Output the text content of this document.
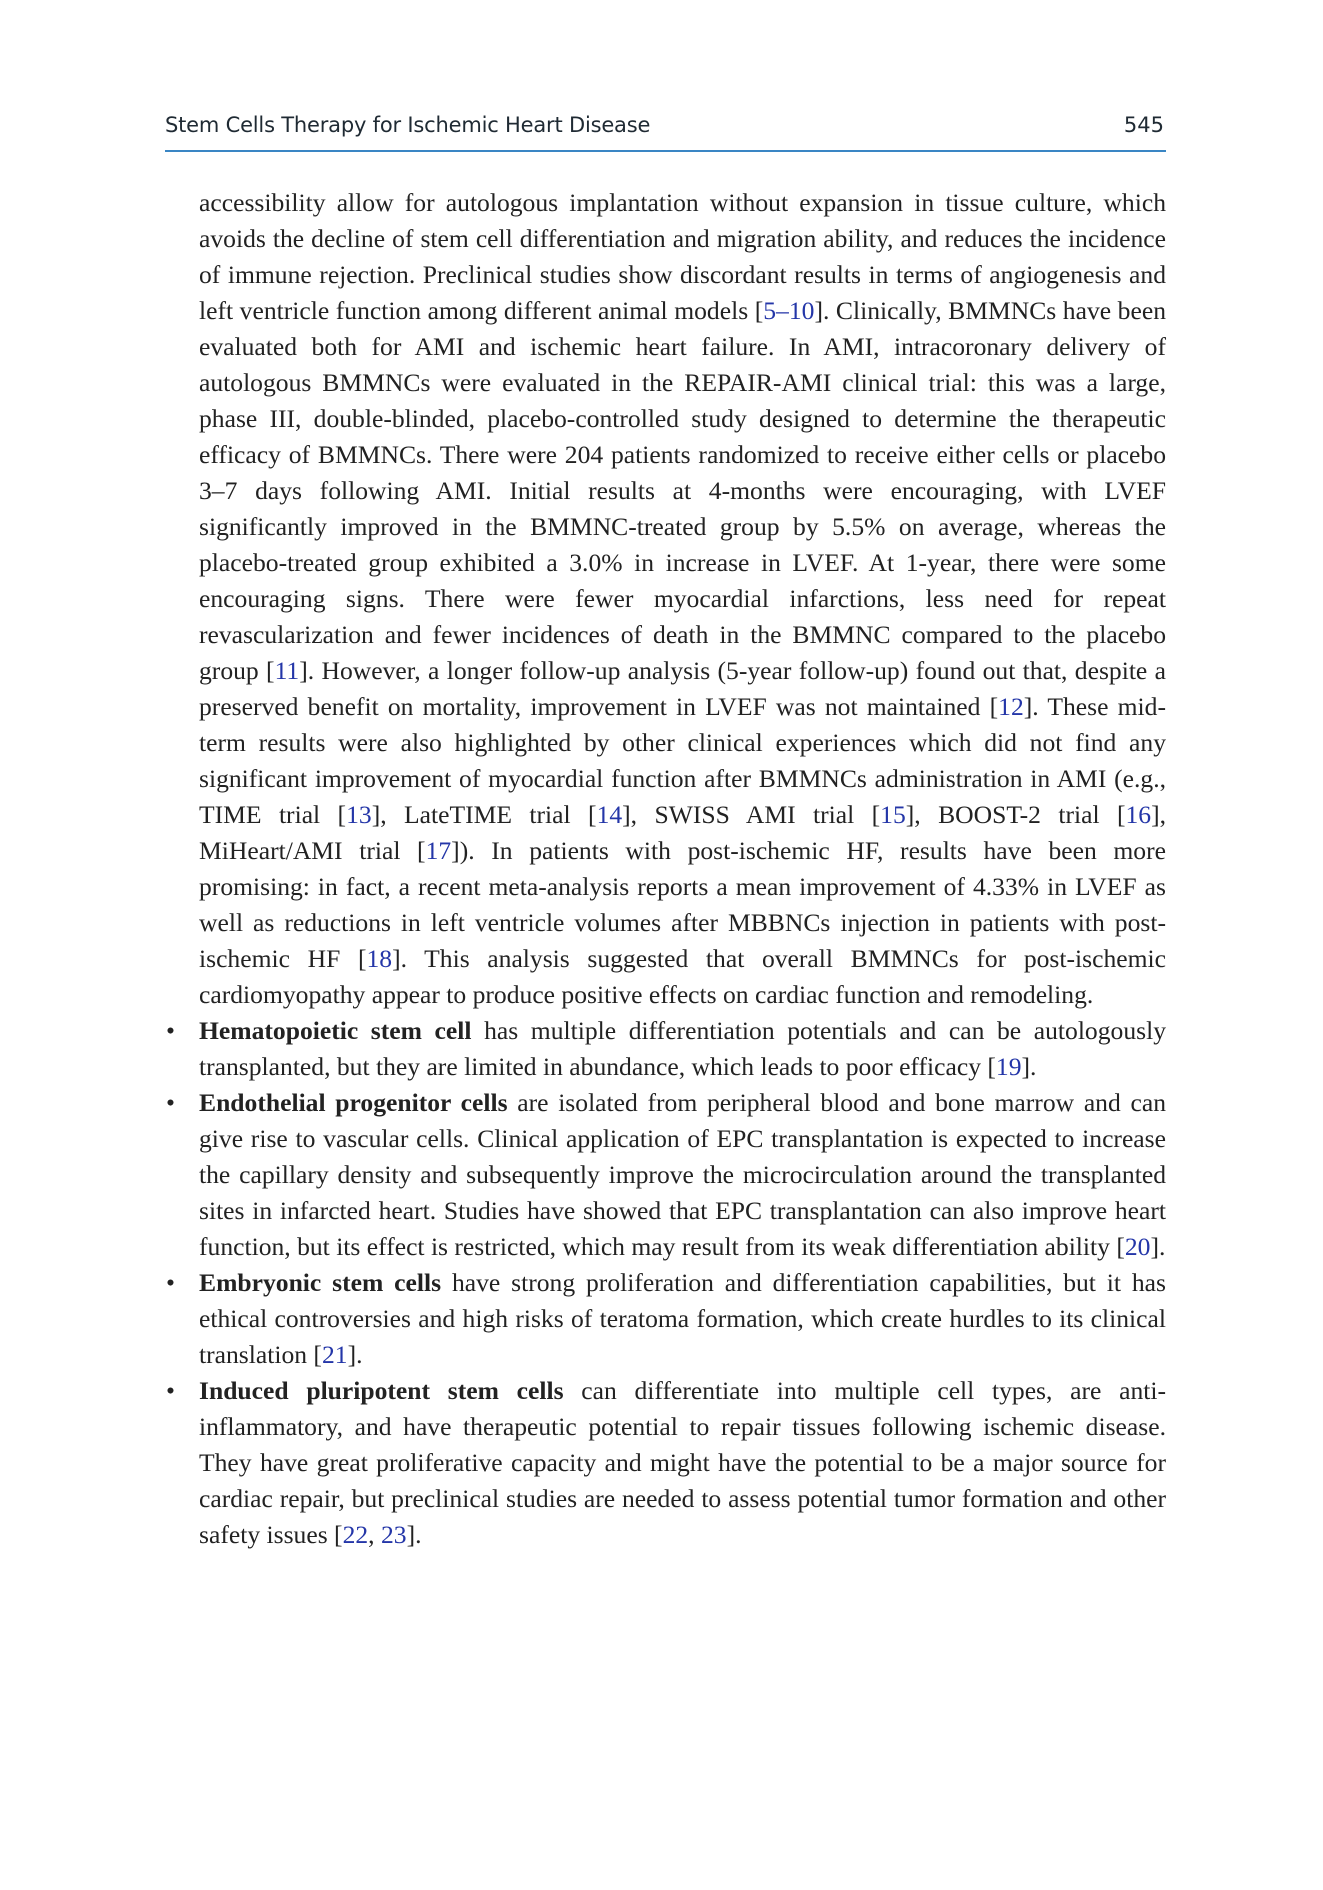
Stem Cells Therapy for Ischemic Heart Disease	545

accessibility allow for autologous implantation without expansion in tissue culture, which avoids the decline of stem cell differentiation and migration ability, and reduces the incidence of immune rejection. Preclinical studies show discordant results in terms of angiogenesis and left ventricle function among different animal models [5–10]. Clinically, BMMNCs have been evaluated both for AMI and ischemic heart failure. In AMI, intracoronary delivery of autologous BMMNCs were evaluated in the REPAIR-AMI clinical trial: this was a large, phase III, double-blinded, placebo-controlled study designed to determine the therapeutic efficacy of BMMNCs. There were 204 patients randomized to receive either cells or placebo 3–7 days following AMI. Initial results at 4-months were encouraging, with LVEF significantly improved in the BMMNC-treated group by 5.5% on average, whereas the placebo-treated group exhibited a 3.0% in increase in LVEF. At 1-year, there were some encouraging signs. There were fewer myocardial infarctions, less need for repeat revascularization and fewer incidences of death in the BMMNC compared to the placebo group [11]. However, a longer follow-up analysis (5-year follow-up) found out that, despite a preserved benefit on mortality, improvement in LVEF was not maintained [12]. These mid-term results were also highlighted by other clinical experiences which did not find any significant improvement of myocardial function after BMMNCs administration in AMI (e.g., TIME trial [13], LateTIME trial [14], SWISS AMI trial [15], BOOST-2 trial [16], MiHeart/AMI trial [17]). In patients with post-ischemic HF, results have been more promising: in fact, a recent meta-analysis reports a mean improvement of 4.33% in LVEF as well as reductions in left ventricle volumes after MBBNCs injection in patients with post-ischemic HF [18]. This analysis suggested that overall BMMNCs for post-ischemic cardiomyopathy appear to produce positive effects on cardiac function and remodeling.

• Hematopoietic stem cell has multiple differentiation potentials and can be autologously transplanted, but they are limited in abundance, which leads to poor efficacy [19].
• Endothelial progenitor cells are isolated from peripheral blood and bone marrow and can give rise to vascular cells. Clinical application of EPC transplantation is expected to increase the capillary density and subsequently improve the microcirculation around the transplanted sites in infarcted heart. Studies have showed that EPC transplantation can also improve heart function, but its effect is restricted, which may result from its weak differentiation ability [20].
• Embryonic stem cells have strong proliferation and differentiation capabilities, but it has ethical controversies and high risks of teratoma formation, which create hurdles to its clinical translation [21].
• Induced pluripotent stem cells can differentiate into multiple cell types, are anti-inflammatory, and have therapeutic potential to repair tissues following ischemic disease. They have great proliferative capacity and might have the potential to be a major source for cardiac repair, but preclinical studies are needed to assess potential tumor formation and other safety issues [22, 23].
